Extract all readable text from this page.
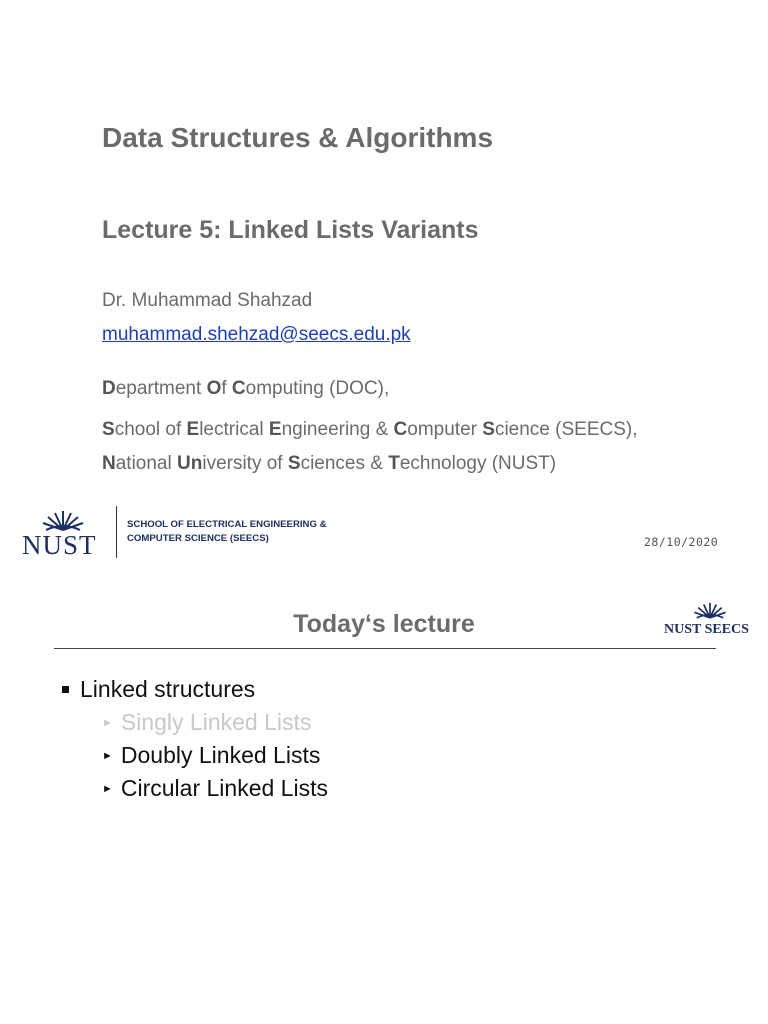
Data Structures & Algorithms
Lecture 5: Linked Lists Variants
Dr. Muhammad Shahzad
muhammad.shehzad@seecs.edu.pk
Department Of Computing (DOC),
School of Electrical Engineering & Computer Science (SEECS),
National University of Sciences & Technology (NUST)
NUST
SCHOOL OF ELECTRICAL ENGINEERING &
COMPUTER SCIENCE (SEECS)	28/10/2020
Today‘s lecture	NUST SEECS
Linked structures
► Singly Linked Lists
► Doubly Linked Lists
► Circular Linked Lists
